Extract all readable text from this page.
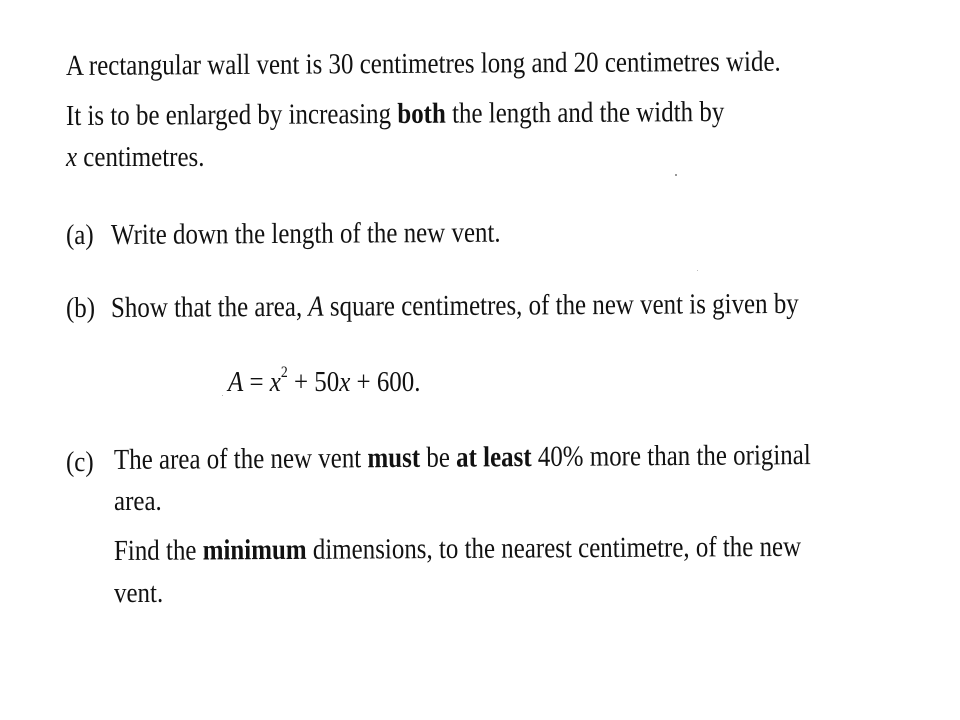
A rectangular wall vent is 30 centimetres long and 20 centimetres wide.
It is to be enlarged by increasing both the length and the width by
x centimetres.
(a) Write down the length of the new vent.
(b) Show that the area, A square centimetres, of the new vent is given by
$A = x^2 + 50x + 600$.
(c) The area of the new vent must be at least 40% more than the original
area.
Find the minimum dimensions, to the nearest centimetre, of the new
vent.
